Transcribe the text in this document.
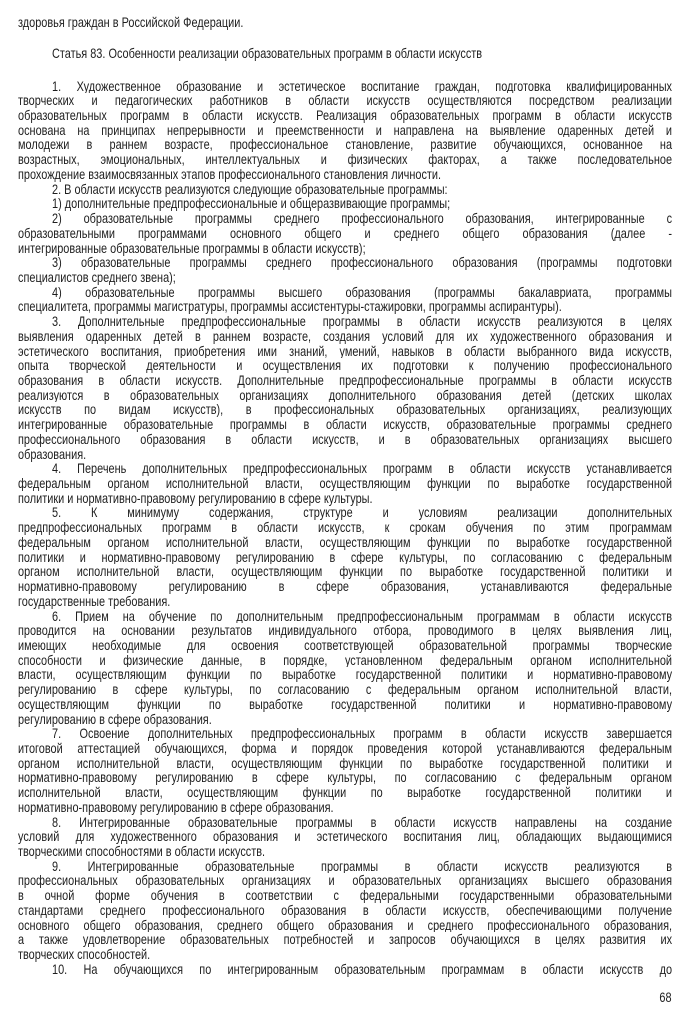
здоровья граждан в Российской Федерации.
Статья 83. Особенности реализации образовательных программ в области искусств
1. Художественное образование и эстетическое воспитание граждан, подготовка квалифицированных
творческих и педагогических работников в области искусств осуществляются посредством реализации
образовательных программ в области искусств. Реализация образовательных программ в области искусств
основана на принципах непрерывности и преемственности и направлена на выявление одаренных детей и
молодежи в раннем возрасте, профессиональное становление, развитие обучающихся, основанное на
возрастных, эмоциональных, интеллектуальных и физических факторах, а также последовательное
прохождение взаимосвязанных этапов профессионального становления личности.
2. В области искусств реализуются следующие образовательные программы:
1) дополнительные предпрофессиональные и общеразвивающие программы;
2) образовательные программы среднего профессионального образования, интегрированные с
образовательными программами основного общего и среднего общего образования (далее -
интегрированные образовательные программы в области искусств);
3) образовательные программы среднего профессионального образования (программы подготовки
специалистов среднего звена);
4) образовательные программы высшего образования (программы бакалавриата, программы
специалитета, программы магистратуры, программы ассистентуры-стажировки, программы аспирантуры).
3. Дополнительные предпрофессиональные программы в области искусств реализуются в целях
выявления одаренных детей в раннем возрасте, создания условий для их художественного образования и
эстетического воспитания, приобретения ими знаний, умений, навыков в области выбранного вида искусств,
опыта творческой деятельности и осуществления их подготовки к получению профессионального
образования в области искусств. Дополнительные предпрофессиональные программы в области искусств
реализуются в образовательных организациях дополнительного образования детей (детских школах
искусств по видам искусств), в профессиональных образовательных организациях, реализующих
интегрированные образовательные программы в области искусств, образовательные программы среднего
профессионального образования в области искусств, и в образовательных организациях высшего
образования.
4. Перечень дополнительных предпрофессиональных программ в области искусств устанавливается
федеральным органом исполнительной власти, осуществляющим функции по выработке государственной
политики и нормативно-правовому регулированию в сфере культуры.
5. К минимуму содержания, структуре и условиям реализации дополнительных
предпрофессиональных программ в области искусств, к срокам обучения по этим программам
федеральным органом исполнительной власти, осуществляющим функции по выработке государственной
политики и нормативно-правовому регулированию в сфере культуры, по согласованию с федеральным
органом исполнительной власти, осуществляющим функции по выработке государственной политики и
нормативно-правовому регулированию в сфере образования, устанавливаются федеральные
государственные требования.
6. Прием на обучение по дополнительным предпрофессиональным программам в области искусств
проводится на основании результатов индивидуального отбора, проводимого в целях выявления лиц,
имеющих необходимые для освоения соответствующей образовательной программы творческие
способности и физические данные, в порядке, установленном федеральным органом исполнительной
власти, осуществляющим функции по выработке государственной политики и нормативно-правовому
регулированию в сфере культуры, по согласованию с федеральным органом исполнительной власти,
осуществляющим функции по выработке государственной политики и нормативно-правовому
регулированию в сфере образования.
7. Освоение дополнительных предпрофессиональных программ в области искусств завершается
итоговой аттестацией обучающихся, форма и порядок проведения которой устанавливаются федеральным
органом исполнительной власти, осуществляющим функции по выработке государственной политики и
нормативно-правовому регулированию в сфере культуры, по согласованию с федеральным органом
исполнительной власти, осуществляющим функции по выработке государственной политики и
нормативно-правовому регулированию в сфере образования.
8. Интегрированные образовательные программы в области искусств направлены на создание
условий для художественного образования и эстетического воспитания лиц, обладающих выдающимися
творческими способностями в области искусств.
9. Интегрированные образовательные программы в области искусств реализуются в
профессиональных образовательных организациях и образовательных организациях высшего образования
в очной форме обучения в соответствии с федеральными государственными образовательными
стандартами среднего профессионального образования в области искусств, обеспечивающими получение
основного общего образования, среднего общего образования и среднего профессионального образования,
а также удовлетворение образовательных потребностей и запросов обучающихся в целях развития их
творческих способностей.
10. На обучающихся по интегрированным образовательным программам в области искусств до
68
